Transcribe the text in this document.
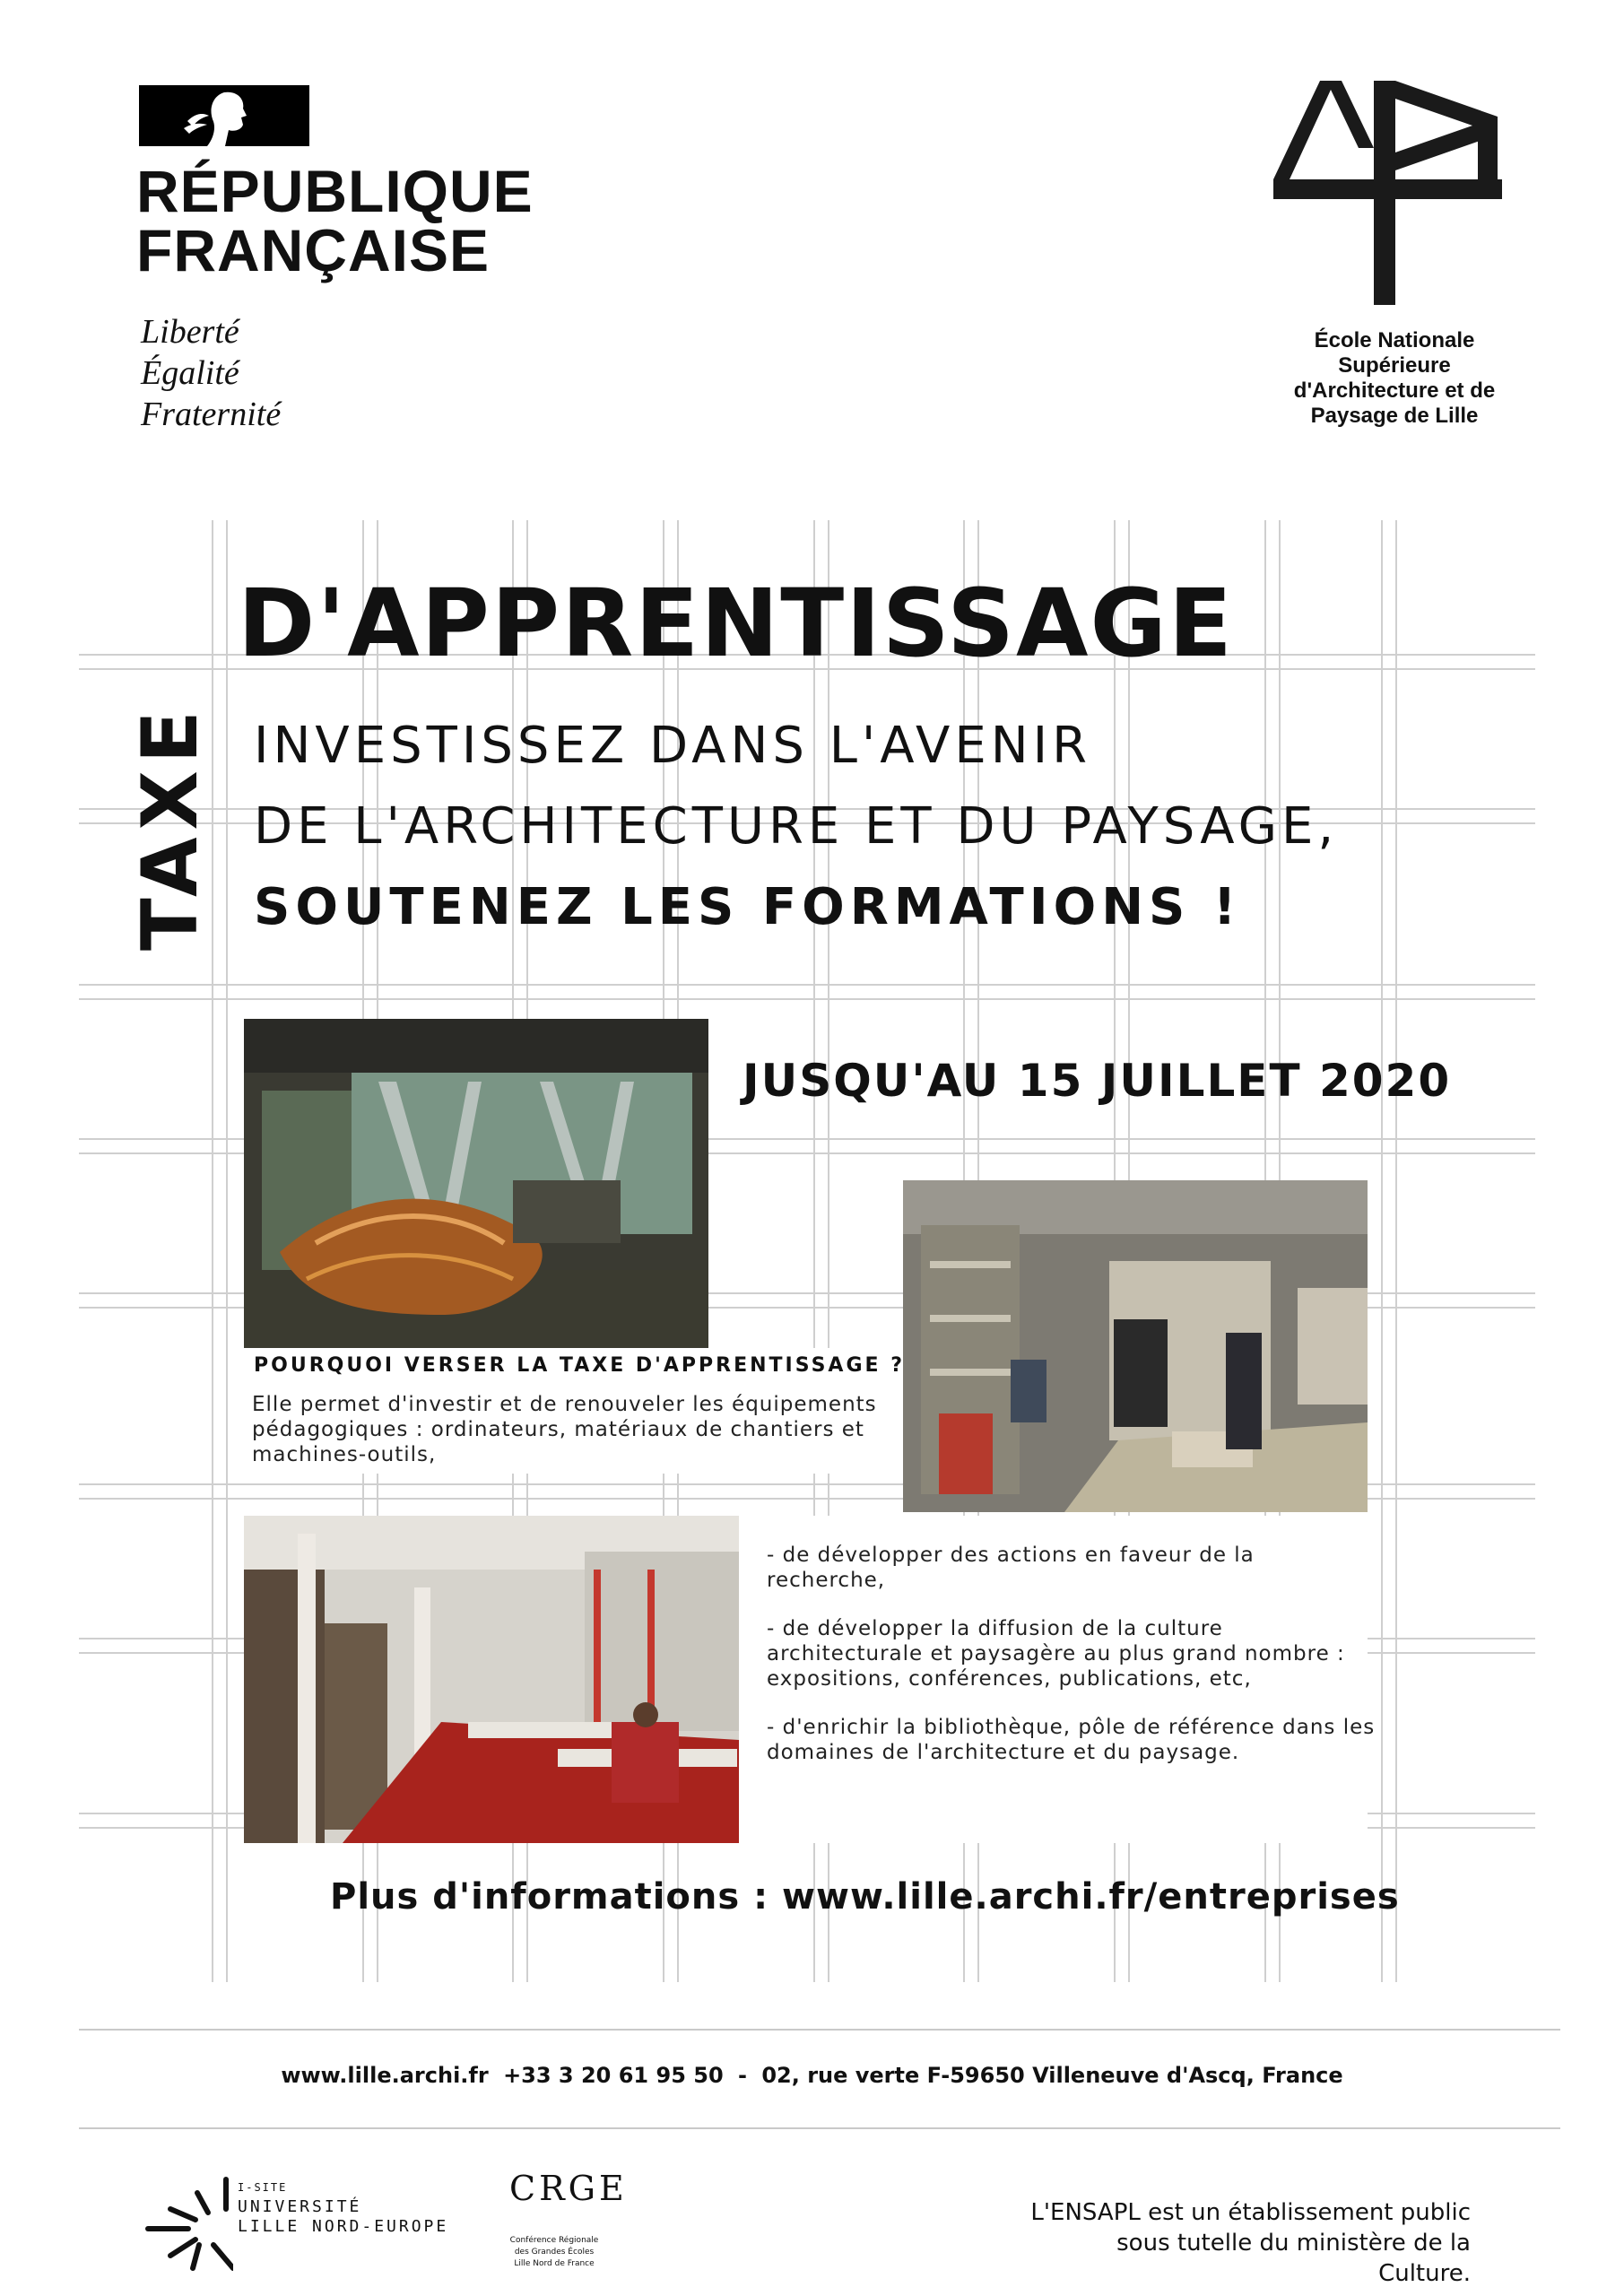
RÉPUBLIQUE
FRANÇAISE
Liberté
Égalité
Fraternité
École Nationale
Supérieure
d'Architecture et de
Paysage de Lille
D'APPRENTISSAGE
TAXE INVESTISSEZ DANS L'AVENIR
DE L'ARCHITECTURE ET DU PAYSAGE,
SOUTENEZ LES FORMATIONS !
JUSQU'AU 15 JUILLET 2020
POURQUOI VERSER LA TAXE D'APPRENTISSAGE ?
Elle permet d'investir et de renouveler les équipements pédagogiques : ordinateurs, matériaux de chantiers et machines-outils,

- de développer des actions en faveur de la recherche,

- de développer la diffusion de la culture architecturale et paysagère au plus grand nombre : expositions, conférences, publications, etc,

- d'enrichir la bibliothèque, pôle de référence dans les domaines de l'architecture et du paysage.

Plus d'informations : www.lille.archi.fr/entreprises
www.lille.archi.fr +33 3 20 61 95 50 - 02, rue verte F-59650 Villeneuve d'Ascq, France
I-SITE
UNIVERSITÉ
LILLE NORD-EUROPE
CRGE
Conférence Régionale
des Grandes Écoles
Lille Nord de France
L'ENSAPL est un établissement public
sous tutelle du ministère de la Culture.
